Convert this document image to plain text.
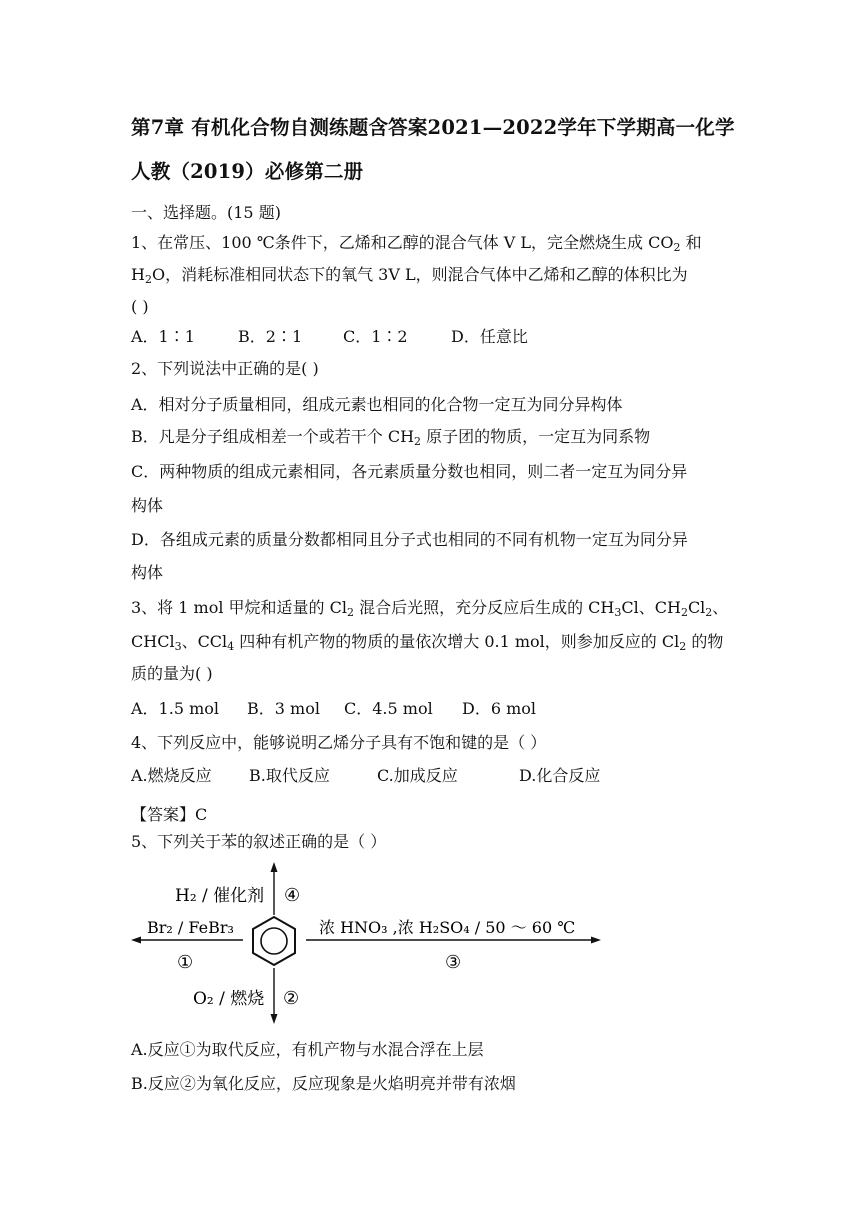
第7章 有机化合物自测练题含答案2021—2022学年下学期高一化学
人教（2019）必修第二册
一、选择题。(15 题)
1、在常压、100 ℃条件下，乙烯和乙醇的混合气体 V L，完全燃烧生成 $CO_2$ 和
$H_2O$，消耗标准相同状态下的氧气 3V L，则混合气体中乙烯和乙醇的体积比为
( )
A．1∶1	B．2∶1	C．1∶2	D．任意比
2、下列说法中正确的是( )
A．相对分子质量相同，组成元素也相同的化合物一定互为同分异构体
B．凡是分子组成相差一个或若干个 $CH_2$ 原子团的物质，一定互为同系物
C．两种物质的组成元素相同，各元素质量分数也相同，则二者一定互为同分异
构体
D．各组成元素的质量分数都相同且分子式也相同的不同有机物一定互为同分异
构体
3、将 1 mol 甲烷和适量的 $Cl_2$ 混合后光照，充分反应后生成的 $CH_3Cl$、$CH_2Cl_2$、
CHCl$_3$、CCl$_4$ 四种有机产物的物质的量依次增大 0.1 mol，则参加反应的 $Cl_2$ 的物
质的量为( )
A．1.5 mol B．3 mol C．4.5 mol D．6 mol
4、下列反应中，能够说明乙烯分子具有不饱和键的是（ ）
A.燃烧反应 B.取代反应	C.加成反应	D.化合反应
【答案】C
5、下列关于苯的叙述正确的是（ ）
H₂ / 催化剂 ④
Br₂ / FeBr₃
①
浓 HNO₃ ,浓 H₂SO₄ / 50 ～ 60 ℃
③
O₂ / 燃烧 ②
A.反应①为取代反应，有机产物与水混合浮在上层
B.反应②为氧化反应，反应现象是火焰明亮并带有浓烟
